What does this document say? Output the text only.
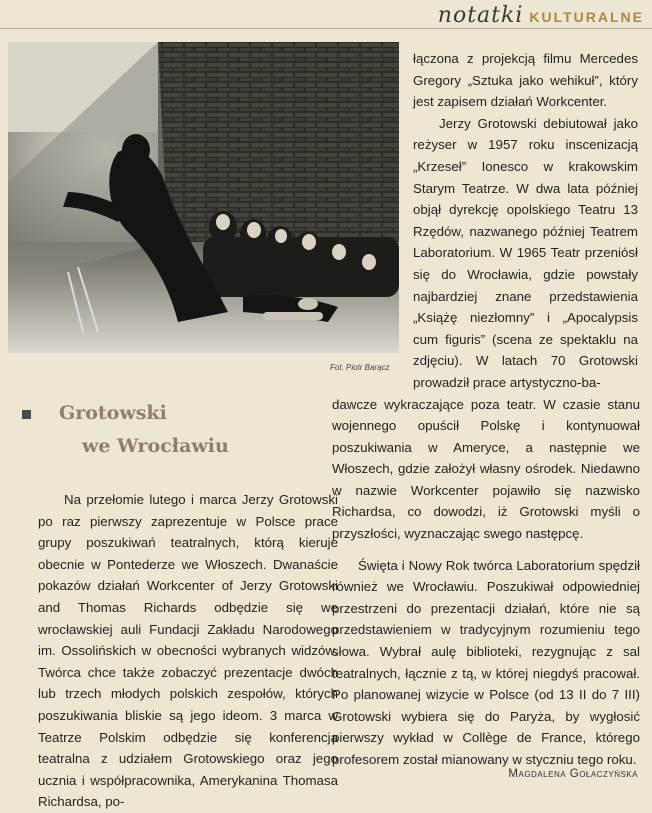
notatki KULTURALNE
Fot. Piotr Barącz
Grotowski
we Wrocławiu

Na przełomie lutego i marca Jerzy Grotowski po raz pierwszy zaprezentuje w Polsce prace grupy poszukiwań teatralnych, którą kieruje obecnie w Pontederze we Włoszech. Dwanaście pokazów działań Workcenter of Jerzy Grotowski and Thomas Richards odbędzie się we wrocławskiej auli Fundacji Zakładu Narodowego im. Ossolińskich w obecności wybranych widzów. Twórca chce także zobaczyć prezentacje dwóch lub trzech młodych polskich zespołów, których poszukiwania bliskie są jego ideom. 3 marca w Teatrze Polskim odbędzie się konferencja teatralna z udziałem Grotowskiego oraz jego ucznia i współpracownika, Amerykanina Thomasa Richardsa, po-

łączona z projekcją filmu Mercedes Gregory „Sztuka jako wehikuł”, który jest zapisem działań Workcenter.

Jerzy Grotowski debiutował jako reżyser w 1957 roku inscenizacją „Krzeseł” Ionesco w krakowskim Starym Teatrze. W dwa lata później objął dyrekcję opolskiego Teatru 13 Rzędów, nazwanego później Teatrem Laboratorium. W 1965 Teatr przeniósł się do Wrocławia, gdzie powstały najbardziej znane przedstawienia „Książę niezłomny” i „Apocalypsis cum figuris” (scena ze spektaklu na zdjęciu). W latach 70 Grotowski prowadził prace artystyczno-ba-

dawcze wykraczające poza teatr. W czasie stanu wojennego opuścił Polskę i kontynuował poszukiwania w Ameryce, a następnie we Włoszech, gdzie założył własny ośrodek. Niedawno w nazwie Workcenter pojawiło się nazwisko Richardsa, co dowodzi, iż Grotowski myśli o przyszłości, wyznaczając swego następcę.

Święta i Nowy Rok twórca Laboratorium spędził również we Wrocławiu. Poszukiwał odpowiedniej przestrzeni do prezentacji działań, które nie są przedstawieniem w tradycyjnym rozumieniu tego słowa. Wybrał aulę biblioteki, rezygnując z sal teatralnych, łącznie z tą, w której niegdyś pracował. Po planowanej wizycie w Polsce (od 13 II do 7 III) Grotowski wybiera się do Paryża, by wygłosić pierwszy wykład w Collège de France, którego profesorem został mianowany w styczniu tego roku.

Magdalena Gołaczyńska
